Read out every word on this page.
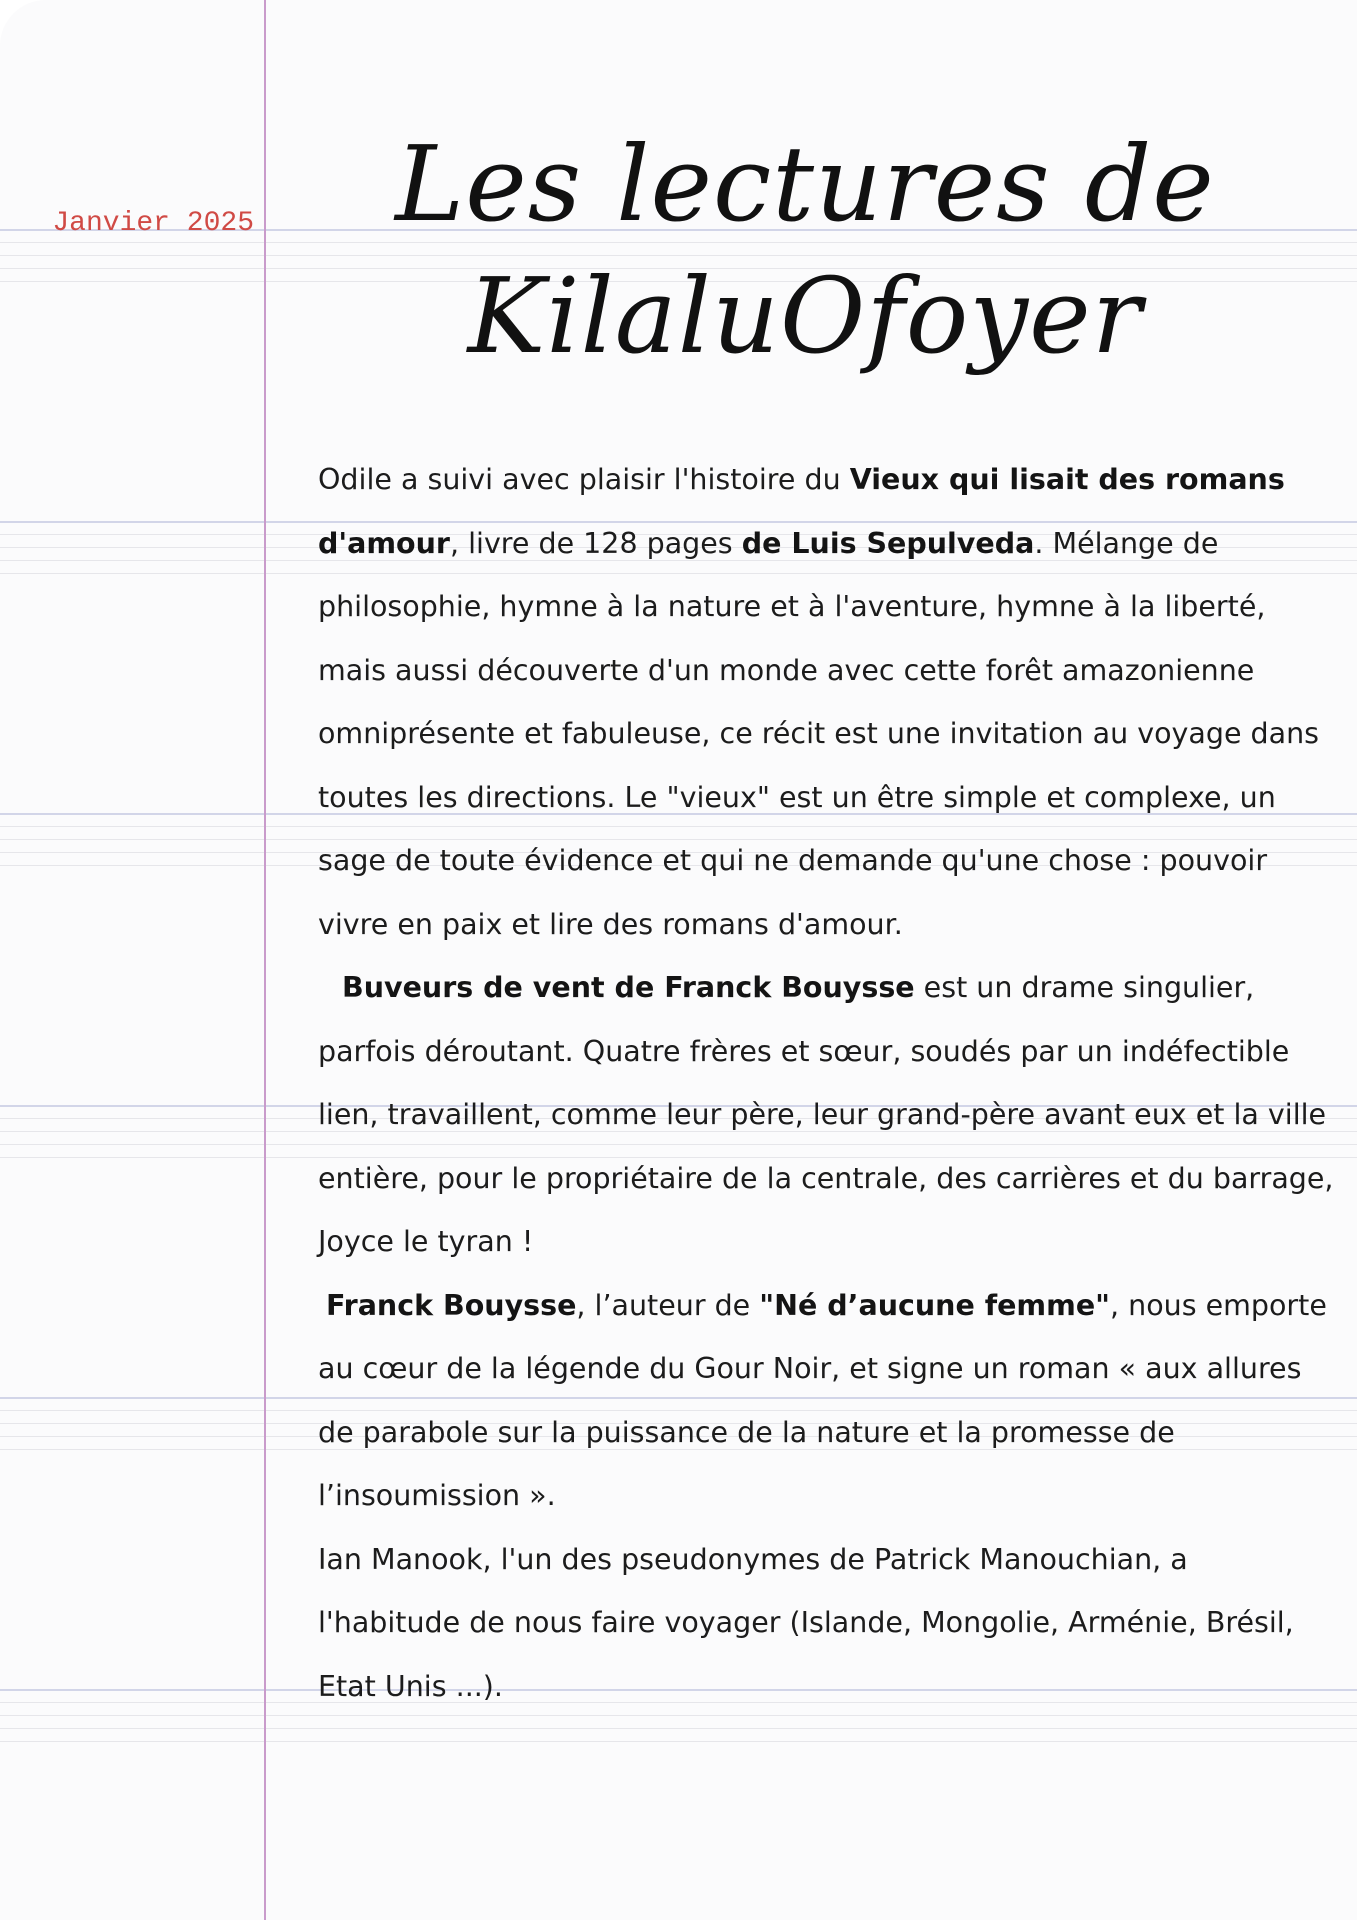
Janvier 2025	Les lectures de
KilaluOfoyer

Odile a suivi avec plaisir l'histoire du Vieux qui lisait des romans d'amour, livre de 128 pages de Luis Sepulveda. Mélange de philosophie, hymne à la nature et à l'aventure, hymne à la liberté, mais aussi découverte d'un monde avec cette forêt amazonienne omniprésente et fabuleuse, ce récit est une invitation au voyage dans toutes les directions. Le "vieux" est un être simple et complexe, un sage de toute évidence et qui ne demande qu'une chose : pouvoir vivre en paix et lire des romans d'amour.

Buveurs de vent de Franck Bouysse est un drame singulier, parfois déroutant. Quatre frères et sœur, soudés par un indéfectible lien, travaillent, comme leur père, leur grand-père avant eux et la ville entière, pour le propriétaire de la centrale, des carrières et du barrage, Joyce le tyran !

Franck Bouysse, l’auteur de "Né d’aucune femme", nous emporte au cœur de la légende du Gour Noir, et signe un roman « aux allures de parabole sur la puissance de la nature et la promesse de l’insoumission ».

Ian Manook, l'un des pseudonymes de Patrick Manouchian, a l'habitude de nous faire voyager (Islande, Mongolie, Arménie, Brésil, Etat Unis ...).
